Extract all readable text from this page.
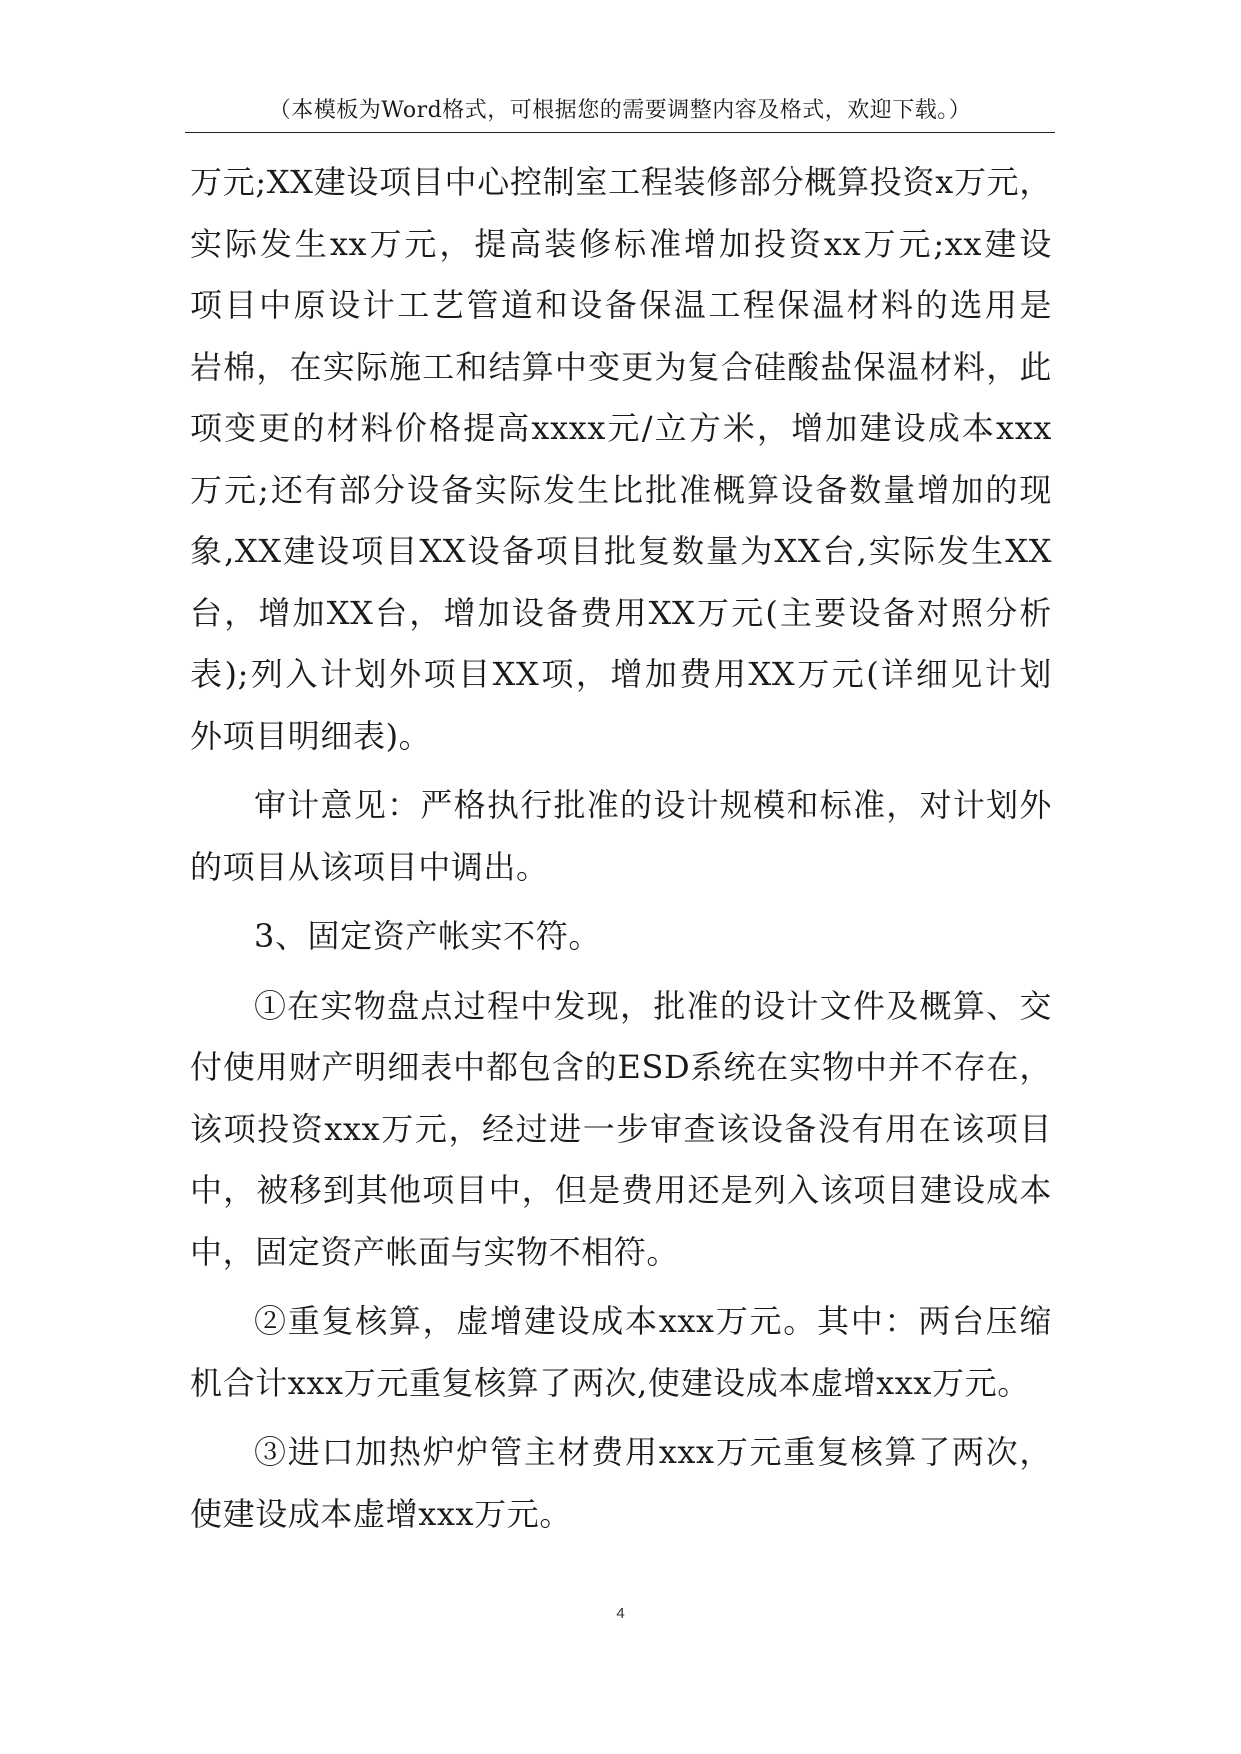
（本模板为Word格式，可根据您的需要调整内容及格式，欢迎下载。）
万元;XX建设项目中心控制室工程装修部分概算投资x万元，
实际发生xx万元，提高装修标准增加投资xx万元;xx建设
项目中原设计工艺管道和设备保温工程保温材料的选用是
岩棉，在实际施工和结算中变更为复合硅酸盐保温材料，此
项变更的材料价格提高xxxx元/立方米，增加建设成本xxx
万元;还有部分设备实际发生比批准概算设备数量增加的现
象,XX建设项目XX设备项目批复数量为XX台,实际发生XX
台，增加XX台，增加设备费用XX万元(主要设备对照分析
表);列入计划外项目XX项，增加费用XX万元(详细见计划
外项目明细表)。
审计意见：严格执行批准的设计规模和标准，对计划外
的项目从该项目中调出。
3、固定资产帐实不符。
①在实物盘点过程中发现，批准的设计文件及概算、交
付使用财产明细表中都包含的ESD系统在实物中并不存在，
该项投资xxx万元，经过进一步审查该设备没有用在该项目
中，被移到其他项目中，但是费用还是列入该项目建设成本
中，固定资产帐面与实物不相符。
②重复核算，虚增建设成本xxx万元。其中：两台压缩
机合计xxx万元重复核算了两次,使建设成本虚增xxx万元。
③进口加热炉炉管主材费用xxx万元重复核算了两次，
使建设成本虚增xxx万元。
4
